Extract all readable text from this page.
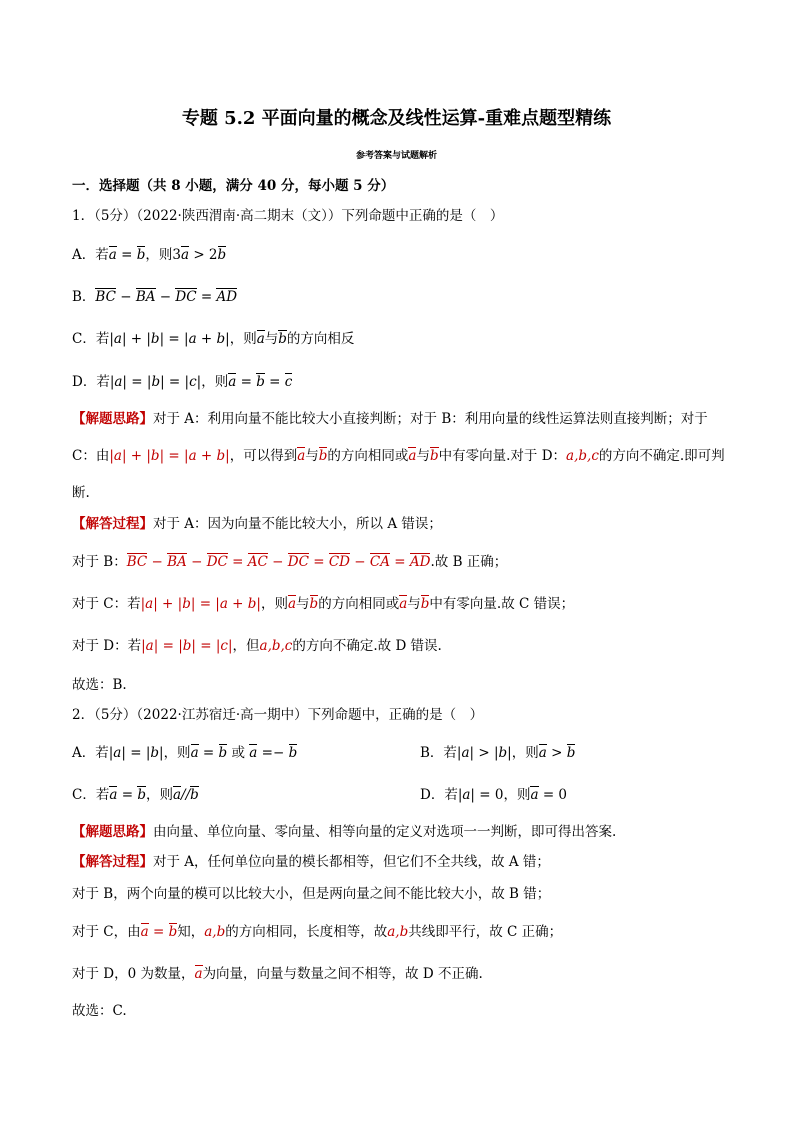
专题 5.2 平面向量的概念及线性运算-重难点题型精练
参考答案与试题解析
一．选择题（共 8 小题，满分 40 分，每小题 5 分）
1．（5分）（2022·陕西渭南·高二期末（文））下列命题中正确的是（　）
A．若a = b，则3a > 2b
B．BC − BA − DC = AD
C．若|a| + |b| = |a + b|，则a与b的方向相反
D．若|a| = |b| = |c|，则a = b = c
【解题思路】对于 A：利用向量不能比较大小直接判断；对于 B：利用向量的线性运算法则直接判断；对于
C：由|a| + |b| = |a + b|，可以得到a与b的方向相同或a与b中有零向量.对于 D：a,b,c的方向不确定.即可判
断.
【解答过程】对于 A：因为向量不能比较大小，所以 A 错误；
对于 B：BC − BA − DC = AC − DC = CD − CA = AD.故 B 正确；
对于 C：若|a| + |b| = |a + b|，则a与b的方向相同或a与b中有零向量.故 C 错误；
对于 D：若|a| = |b| = |c|，但a,b,c的方向不确定.故 D 错误.
故选：B.
2．（5分）（2022·江苏宿迁·高一期中）下列命题中，正确的是（　）
A．若|a| = |b|，则a = b 或 a =− b	B．若|a| > |b|，则a > b
C．若a = b，则a//b	D．若|a| = 0，则a = 0
【解题思路】由向量、单位向量、零向量、相等向量的定义对选项一一判断，即可得出答案.
【解答过程】对于 A，任何单位向量的模长都相等，但它们不全共线，故 A 错；
对于 B，两个向量的模可以比较大小，但是两向量之间不能比较大小，故 B 错；
对于 C，由a = b知，a,b的方向相同，长度相等，故a,b共线即平行，故 C 正确；
对于 D，0 为数量，a为向量，向量与数量之间不相等，故 D 不正确.
故选：C.
